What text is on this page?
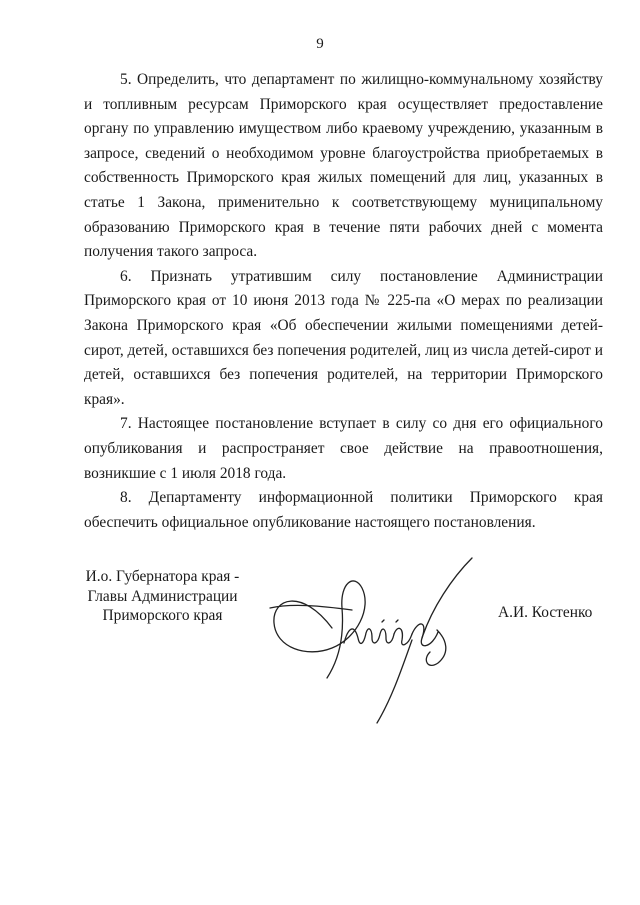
9

5. Определить, что департамент по жилищно-коммунальному хозяйству и топливным ресурсам Приморского края осуществляет предоставление органу по управлению имуществом либо краевому учреждению, указанным в запросе, сведений о необходимом уровне благоустройства приобретаемых в собственность Приморского края жилых помещений для лиц, указанных в статье 1 Закона, применительно к соответствующему муниципальному образованию Приморского края в течение пяти рабочих дней с момента получения такого запроса.

6. Признать утратившим силу постановление Администрации Приморского края от 10 июня 2013 года № 225-па «О мерах по реализации Закона Приморского края «Об обеспечении жилыми помещениями детей-сирот, детей, оставшихся без попечения родителей, лиц из числа детей-сирот и детей, оставшихся без попечения родителей, на территории Приморского края».

7. Настоящее постановление вступает в силу со дня его официального опубликования и распространяет свое действие на правоотношения, возникшие с 1 июля 2018 года.

8. Департаменту информационной политики Приморского края обеспечить официальное опубликование настоящего постановления.

И.о. Губернатора края -
Главы Администрации
Приморского края	А.И. Костенко
